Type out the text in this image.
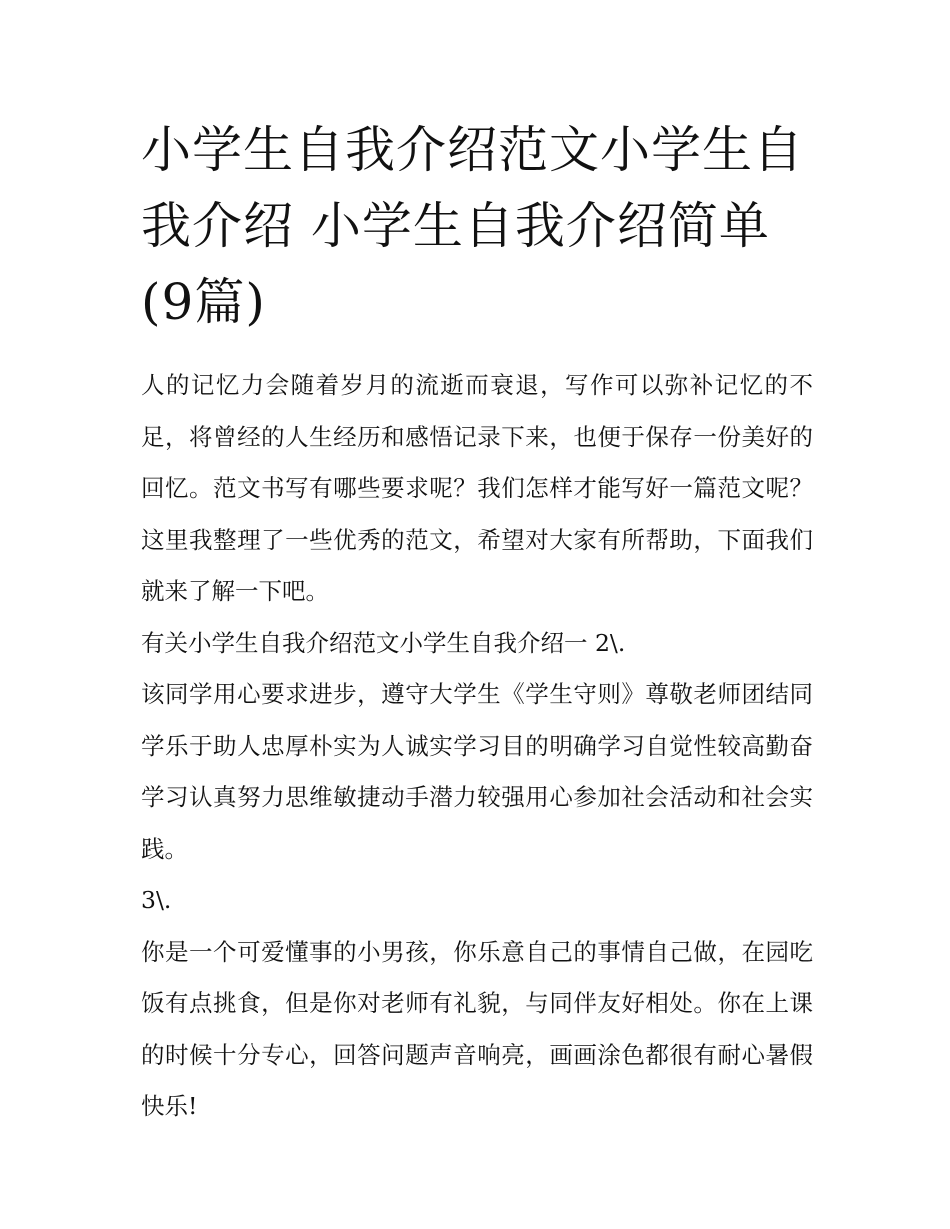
小学生自我介绍范文小学生自我介绍 小学生自我介绍简单(9篇)

人的记忆力会随着岁月的流逝而衰退，写作可以弥补记忆的不足，将曾经的人生经历和感悟记录下来，也便于保存一份美好的回忆。范文书写有哪些要求呢？我们怎样才能写好一篇范文呢？这里我整理了一些优秀的范文，希望对大家有所帮助，下面我们就来了解一下吧。

有关小学生自我介绍范文小学生自我介绍一 2\.

该同学用心要求进步，遵守大学生《学生守则》尊敬老师团结同学乐于助人忠厚朴实为人诚实学习目的明确学习自觉性较高勤奋学习认真努力思维敏捷动手潜力较强用心参加社会活动和社会实践。

3\.

你是一个可爱懂事的小男孩，你乐意自己的事情自己做，在园吃饭有点挑食，但是你对老师有礼貌，与同伴友好相处。你在上课的时候十分专心，回答问题声音响亮，画画涂色都很有耐心暑假快乐!
